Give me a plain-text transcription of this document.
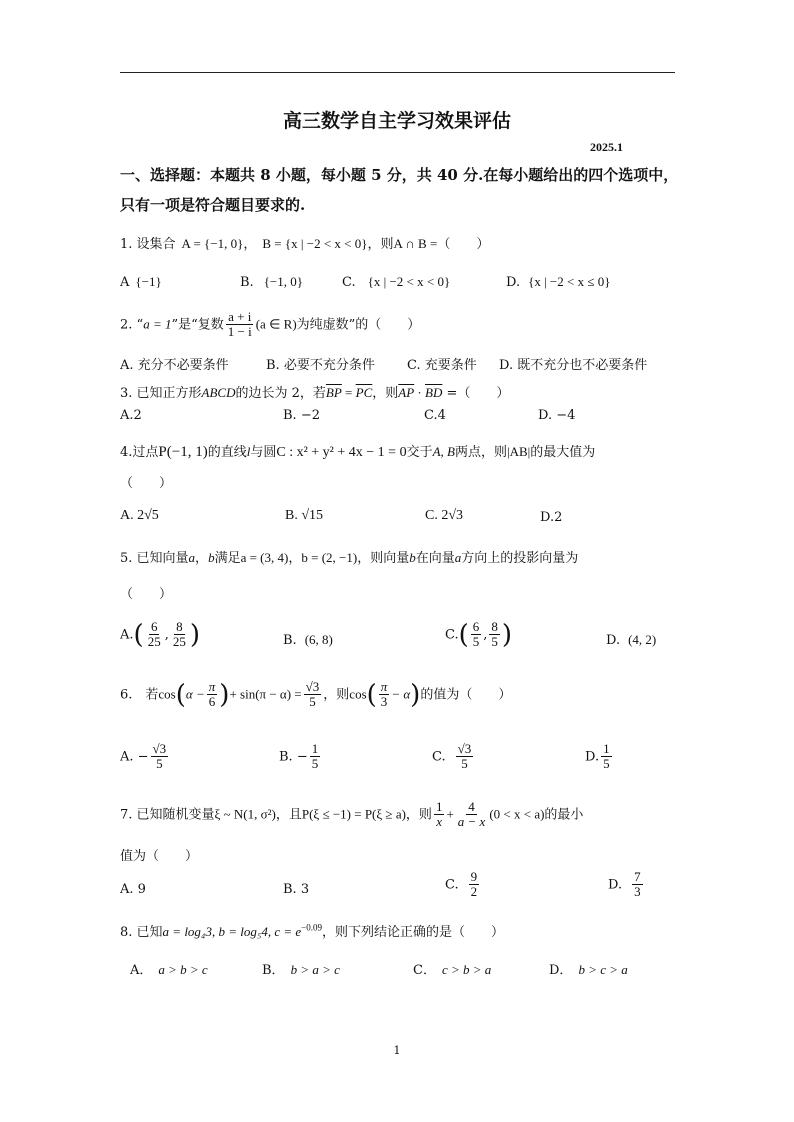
高三数学自主学习效果评估
2025.1
一、选择题：本题共 8 小题，每小题 5 分，共 40 分.在每小题给出的四个选项中，
只有一项是符合题目要求的.
1. 设集合 A = {−1, 0}， B = {x | −2 < x < 0}，则A ∩ B =（　　）
A {−1}	B. {−1, 0}	C. {x | −2 < x < 0}	D. {x | −2 < x ≤ 0}
2. “a = 1”是“复数 $\frac{a + i}{1 - i} (a$ ∈ R)为纯虚数”的（　　）
A. 充分不必要条件	B. 必要不充分条件 C. 充要条件 D. 既不充分也不必要条件
3. 已知正方形ABCD的边长为 2，若$\overline{BP} = \overline{PC}$，则$\overline{AP} \cdot \overline{BD}$ =（　　）
A.2	B. −2	C.4	D. −4
4.过点P(−1, 1)的直线l与圆C : x² + y² + 4x − 1 = 0交于A, B两点，则|AB|的最大值为
（　　）
A. 2√5	B. √15	C. 2√3	D.2
5. 已知向量a，b满足a = (3, 4)，b = (2, −1)，则向量b在向量a方向上的投影向量为
（　　）
$A.( \frac{6}{25}$ , $\frac{8}{25}$ )	B. (6, 8)	$C.( \frac{6}{5}$ , $\frac{8}{5}$ )	D. (4, 2)
6.　若$\cos(\alpha - \frac{\pi}{6}$ )+ $\sin(\pi - \alpha) = \frac{√3}{5}$ ，则$\cos( \frac{\pi}{3} - \alpha)$的值为（　　）
A. − $\frac{√3}{5}$	B. − $\frac{1}{5}$	C. $\frac{√3}{5}$	D. $\frac{1}{5}$
7. 已知随机变量ξ ~ N(1, σ²)，且P(ξ ≤ −1) = P(ξ ≥ a)，则 $\frac{1}{x} + \frac{4}{a - x} (0 < x < a)$的最小
值为（　　）
A. 9	B. 3	C. $\frac{9}{2}$	D. $\frac{7}{3}$
8. 已知a = log₄3, b = log₅4, $c = e^{-0.09}$，则下列结论正确的是（　　）
A． a > b > c	B． b > a > c	C． c > b > a	D． b > c > a
1
